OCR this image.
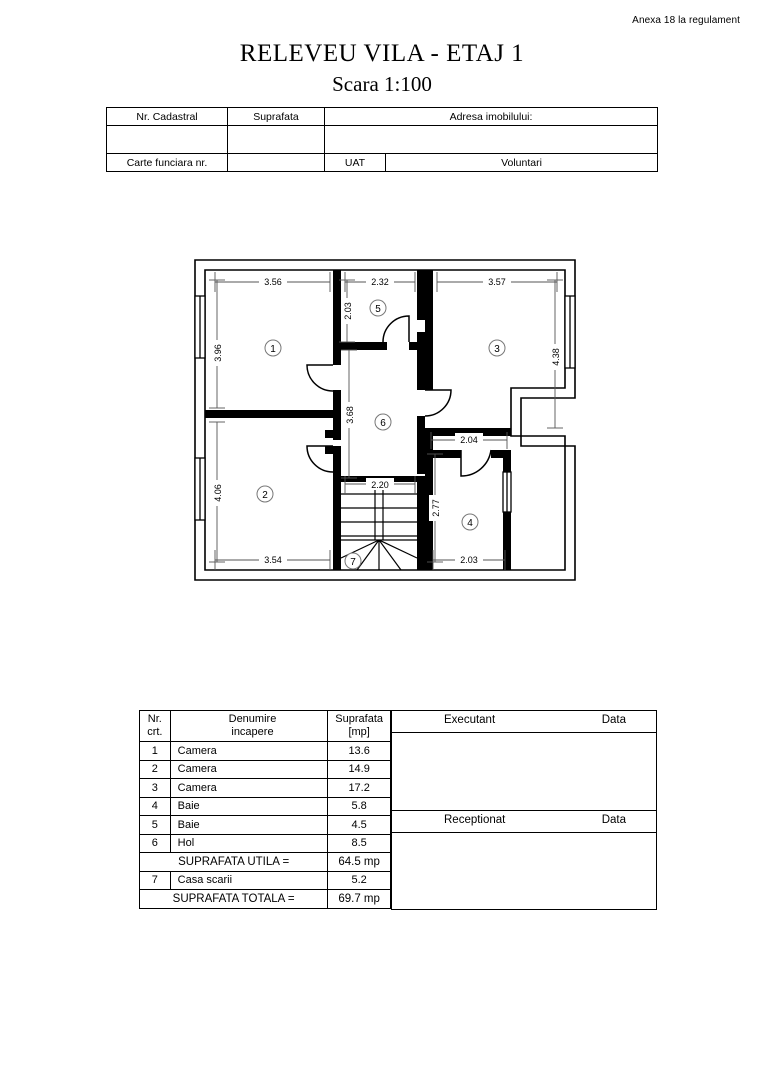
Anexa 18 la regulament
RELEVEU VILA - ETAJ 1
Scara 1:100
Nr. Cadastral	Suprafata	Adresa imobilului:	

Carte funciara nr.		UAT	Voluntari
3.56
3.96
2.32
2.03
3.57
4.38
4.06
3.54
3.68
2.20
2.04
2.77
2.03
1
2
3
4
5
6
7
Nr.
crt.

Denumire
incapere

Suprafata
[mp]

1	Camera	13.6
2	Camera	14.9
3	Camera	17.2
4	Baie	5.8
5	Baie	4.5
6	Hol	8.5
SUPRAFATA UTILA =		64.5 mp
7	Casa scarii	5.2
SUPRAFATA TOTALA =		69.7 mp
Executant	Data
Receptionat	Data
